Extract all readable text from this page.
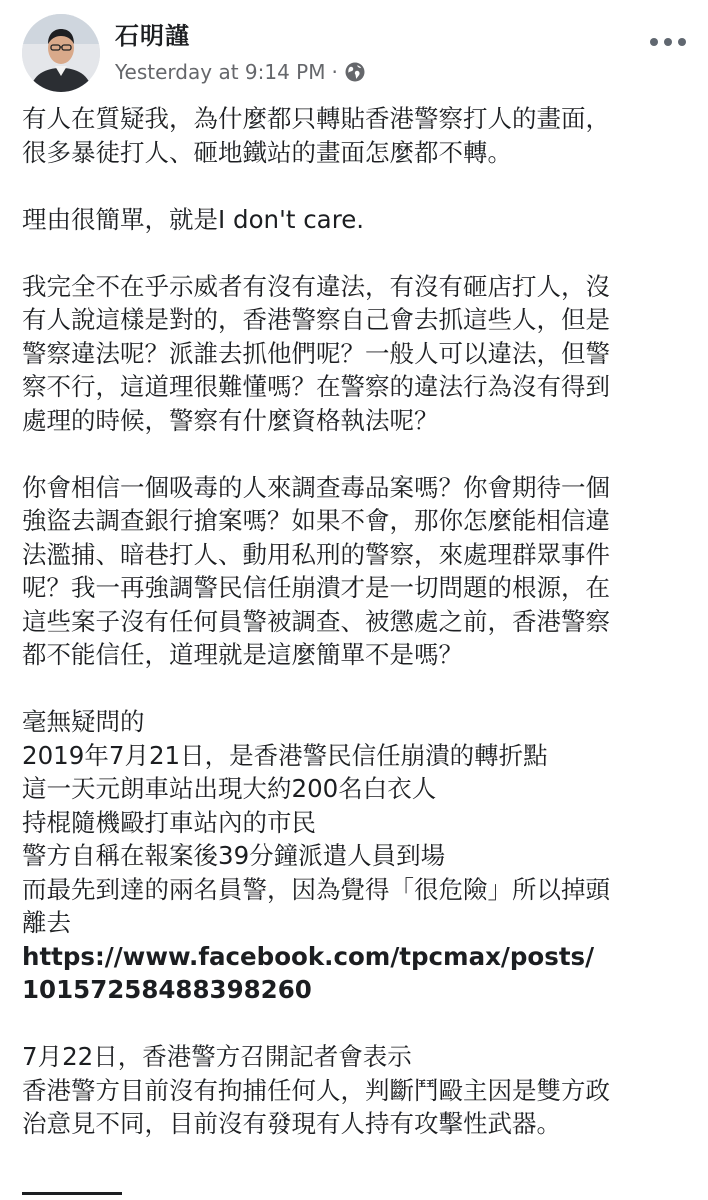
石明謹
Yesterday at 9:14 PM ·
有人在質疑我，為什麼都只轉貼香港警察打人的畫面，
很多暴徒打人、砸地鐵站的畫面怎麼都不轉。
理由很簡單，就是I don't care.
我完全不在乎示威者有沒有違法，有沒有砸店打人，沒
有人說這樣是對的，香港警察自己會去抓這些人，但是
警察違法呢？派誰去抓他們呢？一般人可以違法，但警
察不行，這道理很難懂嗎？在警察的違法行為沒有得到
處理的時候，警察有什麼資格執法呢？
你會相信一個吸毒的人來調查毒品案嗎？你會期待一個
強盜去調查銀行搶案嗎？如果不會，那你怎麼能相信違
法濫捕、暗巷打人、動用私刑的警察，來處理群眾事件
呢？我一再強調警民信任崩潰才是一切問題的根源，在
這些案子沒有任何員警被調查、被懲處之前，香港警察
都不能信任，道理就是這麼簡單不是嗎？
毫無疑問的
2019年7月21日，是香港警民信任崩潰的轉折點
這一天元朗車站出現大約200名白衣人
持棍隨機毆打車站內的市民
警方自稱在報案後39分鐘派遣人員到場
而最先到達的兩名員警，因為覺得「很危險」所以掉頭
離去
https://www.facebook.com/tpcmax/posts/
10157258488398260
7月22日，香港警方召開記者會表示
香港警方目前沒有拘捕任何人，判斷鬥毆主因是雙方政
治意見不同，目前沒有發現有人持有攻擊性武器。
